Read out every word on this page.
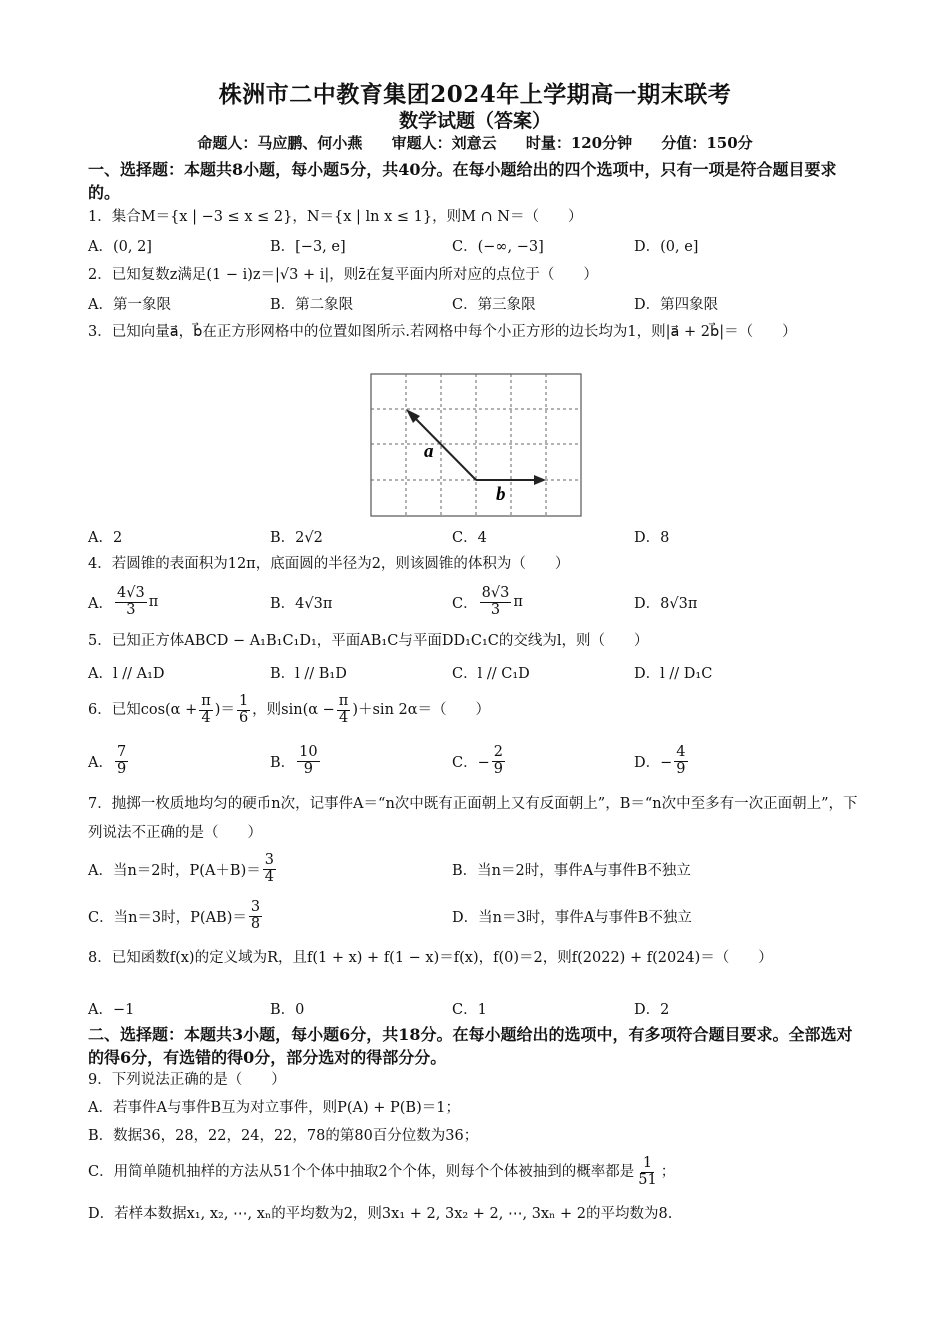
株洲市二中教育集团2024年上学期高一期末联考
数学试题（答案）
命题人：马应鹏、何小燕 审题人：刘意云 时量：120分钟 分值：150分
一、选择题：本题共8小题，每小题5分，共40分。在每小题给出的四个选项中，只有一项是符合题目要求的。
1．集合M＝{x | −3 ≤ x ≤ 2}，N＝{x | ln x ≤ 1}，则M ∩ N＝（　　）
A．(0, 2]	B．[−3, e]	C．(−∞, −3]	D．(0, e]
2．已知复数z满足(1 − i)z＝|√3 + i|，则z̄在复平面内所对应的点位于（　　）
A．第一象限	B．第二象限	C．第三象限	D．第四象限
3．已知向量a⃗，b⃗在正方形网格中的位置如图所示.若网格中每个小正方形的边长均为1，则|a⃗ + 2b⃗|＝（　　）
a
b
A．2	B．2√2	C．4	D．8
4．若圆锥的表面积为12π，底面圆的半径为2，则该圆锥的体积为（　　）
A． $\frac{4√3}{3}$ π	B．4√3π	C． $\frac{8√3}{3}$ π	D．8√3π
5．已知正方体ABCD − A₁B₁C₁D₁，平面AB₁C与平面DD₁C₁C的交线为l，则（　　）
A．l // A₁D	B．l // B₁D	C．l // C₁D	D．l // D₁C
6．已知$\cos(\alpha + \frac{\pi}{4}$ )＝ $\frac{1}{6}$ ，则$\sin(\alpha - \frac{\pi}{4} )+\sin$ 2α＝（　　）
A． $\frac{7}{9}$	B． $\frac{10}{9}$	C．− $\frac{2}{9}$	D．− $\frac{4}{9}$
7．抛掷一枚质地均匀的硬币n次，记事件A＝“n次中既有正面朝上又有反面朝上”，B＝“n次中至多有一次正面朝上”，下列说法不正确的是（　　）
A．当n＝2时，$P(A+B)= \frac{3}{4}$	B．当n＝2时，事件A与事件B不独立
C．当n＝3时，$P(AB)= \frac{3}{8}$	D．当n＝3时，事件A与事件B不独立
8．已知函数f(x)的定义域为R，且f(1 + x) + f(1 − x)＝f(x)，f(0)＝2，则f(2022) + f(2024)＝（　　）
A．−1	B．0	C．1	D．2
二、选择题：本题共3小题，每小题6分，共18分。在每小题给出的选项中，有多项符合题目要求。全部选对的得6分，有选错的得0分，部分选对的得部分分。
9．下列说法正确的是（　　）
A．若事件A与事件B互为对立事件，则P(A) + P(B)＝1；
B．数据36，28，22，24，22，78的第80百分位数为36；
C．用简单随机抽样的方法从51个个体中抽取2个个体，则每个个体被抽到的概率都是 $\frac{1}{51}$ ；
D．若样本数据x₁, x₂, ⋯, xₙ的平均数为2，则3x₁ + 2, 3x₂ + 2, ⋯, 3xₙ + 2的平均数为8.
